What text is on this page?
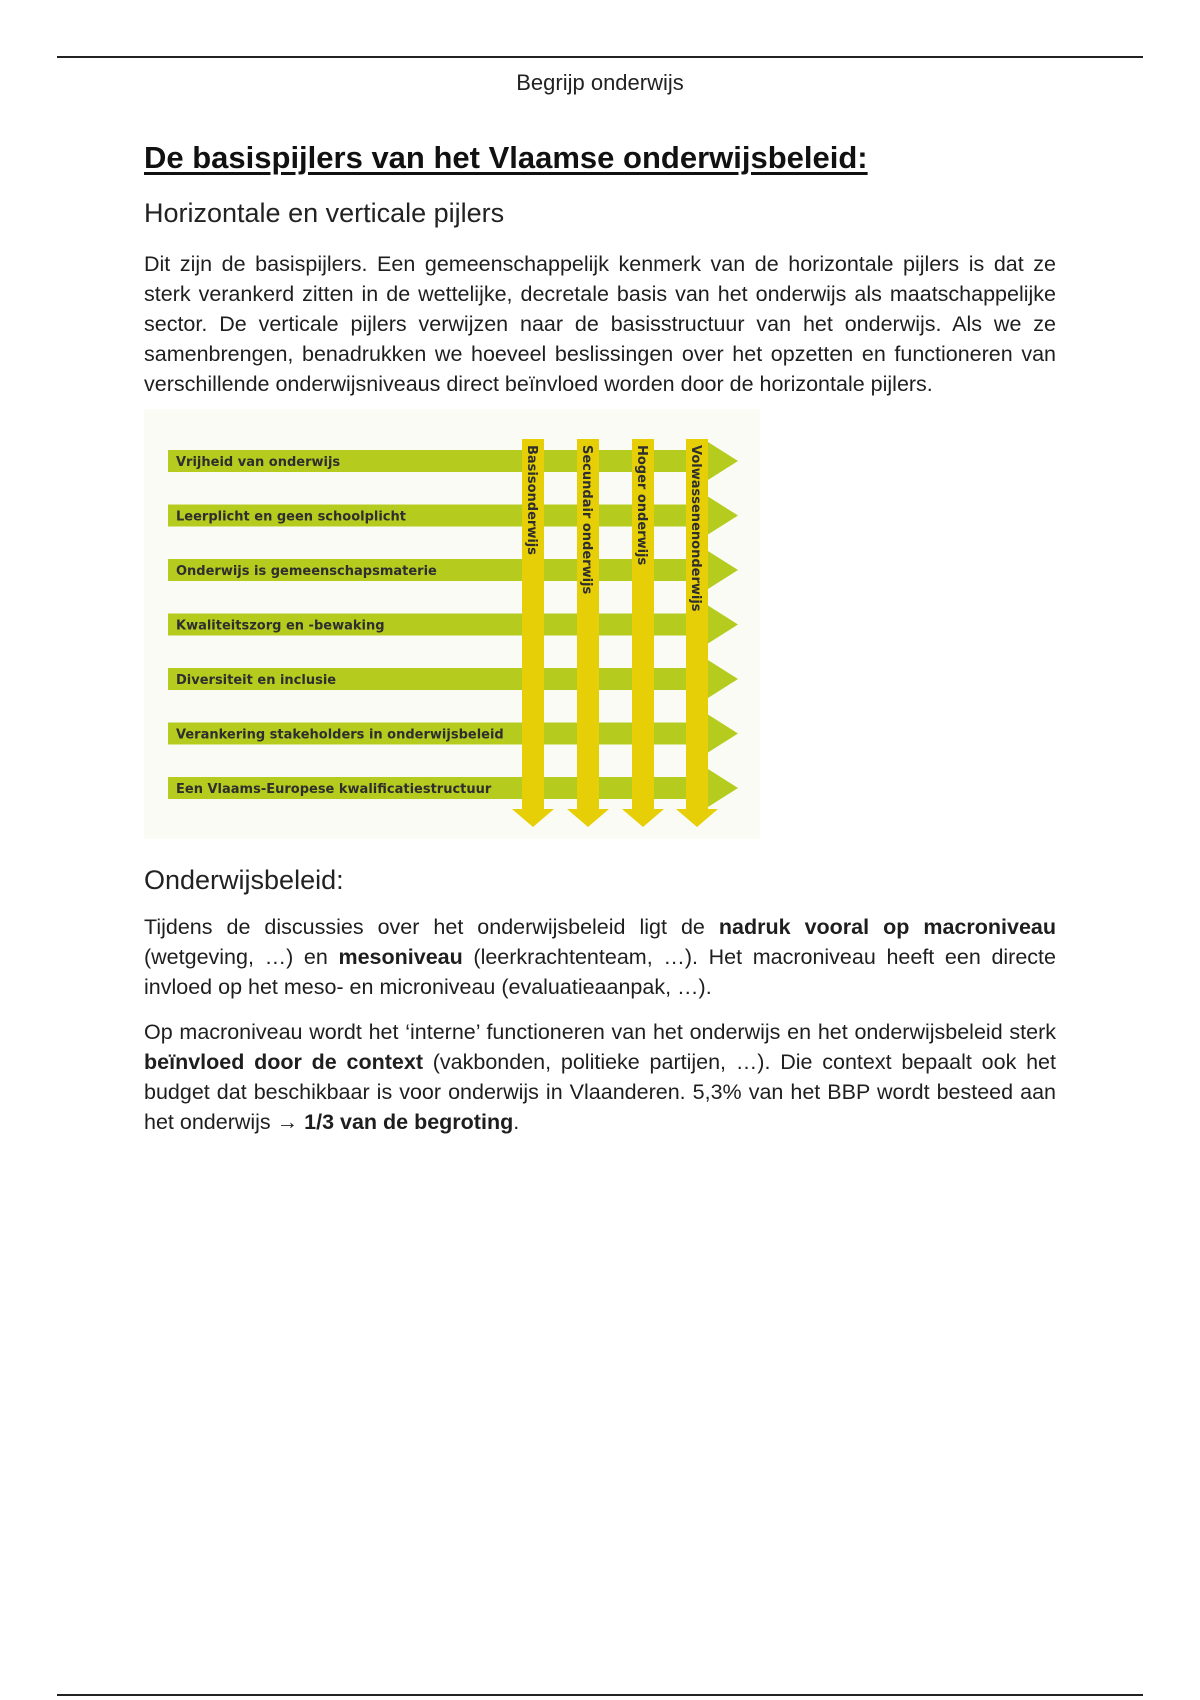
Begrijp onderwijs
De basispijlers van het Vlaamse onderwijsbeleid:
Horizontale en verticale pijlers

Dit zijn de basispijlers. Een gemeenschappelijk kenmerk van de horizontale pijlers is dat ze sterk verankerd zitten in de wettelijke, decretale basis van het onderwijs als maatschappelijke sector. De verticale pijlers verwijzen naar de basisstructuur van het onderwijs. Als we ze samenbrengen, benadrukken we hoeveel beslissingen over het opzetten en functioneren van verschillende onderwijsniveaus direct beïnvloed worden door de horizontale pijlers.

Basisonderwijs	Secundair onderwijs	Hoger onderwijs	Volwassenenonderwijs
Vrijheid van onderwijs
Leerplicht en geen schoolplicht
Onderwijs is gemeenschapsmaterie
Kwaliteitszorg en -bewaking
Diversiteit en inclusie
Verankering stakeholders in onderwijsbeleid
Een Vlaams-Europese kwalificatiestructuur
Onderwijsbeleid:

Tijdens de discussies over het onderwijsbeleid ligt de nadruk vooral op macroniveau (wetgeving, …) en mesoniveau (leerkrachtenteam, …). Het macroniveau heeft een directe invloed op het meso- en microniveau (evaluatieaanpak, …).

Op macroniveau wordt het ‘interne’ functioneren van het onderwijs en het onderwijsbeleid sterk beïnvloed door de context (vakbonden, politieke partijen, …). Die context bepaalt ook het budget dat beschikbaar is voor onderwijs in Vlaanderen. 5,3% van het BBP wordt besteed aan het onderwijs → 1/3 van de begroting.
